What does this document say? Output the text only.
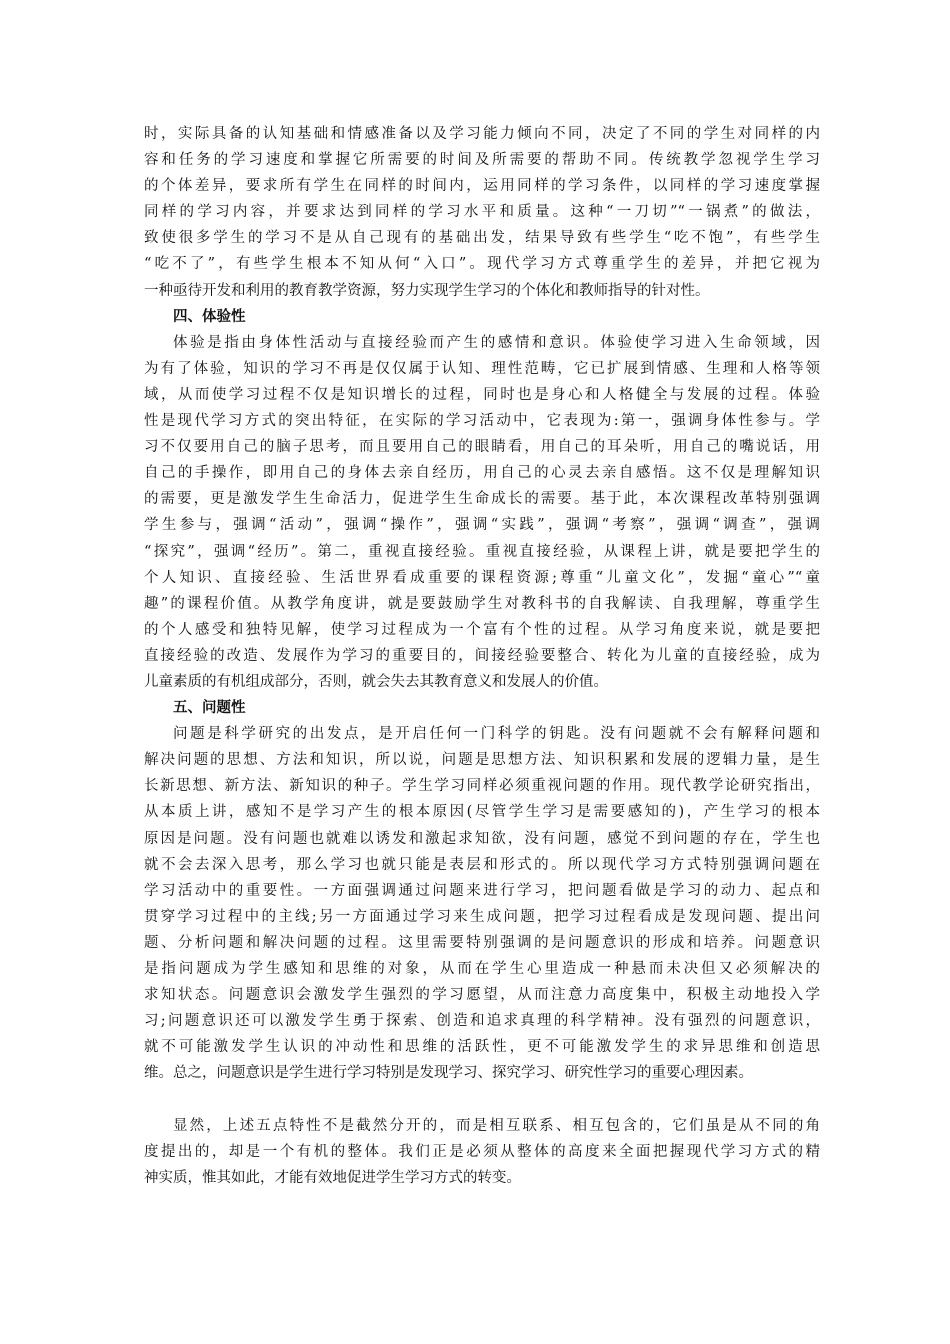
时，实际具备的认知基础和情感准备以及学习能力倾向不同，决定了不同的学生对同样的内
容和任务的学习速度和掌握它所需要的时间及所需要的帮助不同。传统教学忽视学生学习
的个体差异，要求所有学生在同样的时间内，运用同样的学习条件，以同样的学习速度掌握
同样的学习内容，并要求达到同样的学习水平和质量。这种“一刀切”“一锅煮”的做法，
致使很多学生的学习不是从自己现有的基础出发，结果导致有些学生“吃不饱”，有些学生
“吃不了”，有些学生根本不知从何“入口”。现代学习方式尊重学生的差异，并把它视为
一种亟待开发和利用的教育教学资源，努力实现学生学习的个体化和教师指导的针对性。
四、体验性
体验是指由身体性活动与直接经验而产生的感情和意识。体验使学习进入生命领域，因
为有了体验，知识的学习不再是仅仅属于认知、理性范畴，它已扩展到情感、生理和人格等领
域，从而使学习过程不仅是知识增长的过程，同时也是身心和人格健全与发展的过程。体验
性是现代学习方式的突出特征，在实际的学习活动中，它表现为:第一，强调身体性参与。学
习不仅要用自己的脑子思考，而且要用自己的眼睛看，用自己的耳朵听，用自己的嘴说话，用
自己的手操作，即用自己的身体去亲自经历，用自己的心灵去亲自感悟。这不仅是理解知识
的需要，更是激发学生生命活力，促进学生生命成长的需要。基于此，本次课程改革特别强调
学生参与，强调“活动”，强调“操作”，强调“实践”，强调“考察”，强调“调查”，强调
“探究”，强调“经历”。第二，重视直接经验。重视直接经验，从课程上讲，就是要把学生的
个人知识、直接经验、生活世界看成重要的课程资源;尊重“儿童文化”，发掘“童心”“童
趣”的课程价值。从教学角度讲，就是要鼓励学生对教科书的自我解读、自我理解，尊重学生
的个人感受和独特见解，使学习过程成为一个富有个性的过程。从学习角度来说，就是要把
直接经验的改造、发展作为学习的重要目的，间接经验要整合、转化为儿童的直接经验，成为
儿童素质的有机组成部分，否则，就会失去其教育意义和发展人的价值。
五、问题性
问题是科学研究的出发点，是开启任何一门科学的钥匙。没有问题就不会有解释问题和
解决问题的思想、方法和知识，所以说，问题是思想方法、知识积累和发展的逻辑力量，是生
长新思想、新方法、新知识的种子。学生学习同样必须重视问题的作用。现代教学论研究指出，
从本质上讲，感知不是学习产生的根本原因(尽管学生学习是需要感知的)，产生学习的根本
原因是问题。没有问题也就难以诱发和激起求知欲，没有问题，感觉不到问题的存在，学生也
就不会去深入思考，那么学习也就只能是表层和形式的。所以现代学习方式特别强调问题在
学习活动中的重要性。一方面强调通过问题来进行学习，把问题看做是学习的动力、起点和
贯穿学习过程中的主线;另一方面通过学习来生成问题，把学习过程看成是发现问题、提出问
题、分析问题和解决问题的过程。这里需要特别强调的是问题意识的形成和培养。问题意识
是指问题成为学生感知和思维的对象，从而在学生心里造成一种悬而未决但又必须解决的
求知状态。问题意识会激发学生强烈的学习愿望，从而注意力高度集中，积极主动地投入学
习;问题意识还可以激发学生勇于探索、创造和追求真理的科学精神。没有强烈的问题意识，
就不可能激发学生认识的冲动性和思维的活跃性，更不可能激发学生的求异思维和创造思
维。总之，问题意识是学生进行学习特别是发现学习、探究学习、研究性学习的重要心理因素。
显然，上述五点特性不是截然分开的，而是相互联系、相互包含的，它们虽是从不同的角
度提出的，却是一个有机的整体。我们正是必须从整体的高度来全面把握现代学习方式的精
神实质，惟其如此，才能有效地促进学生学习方式的转变。
